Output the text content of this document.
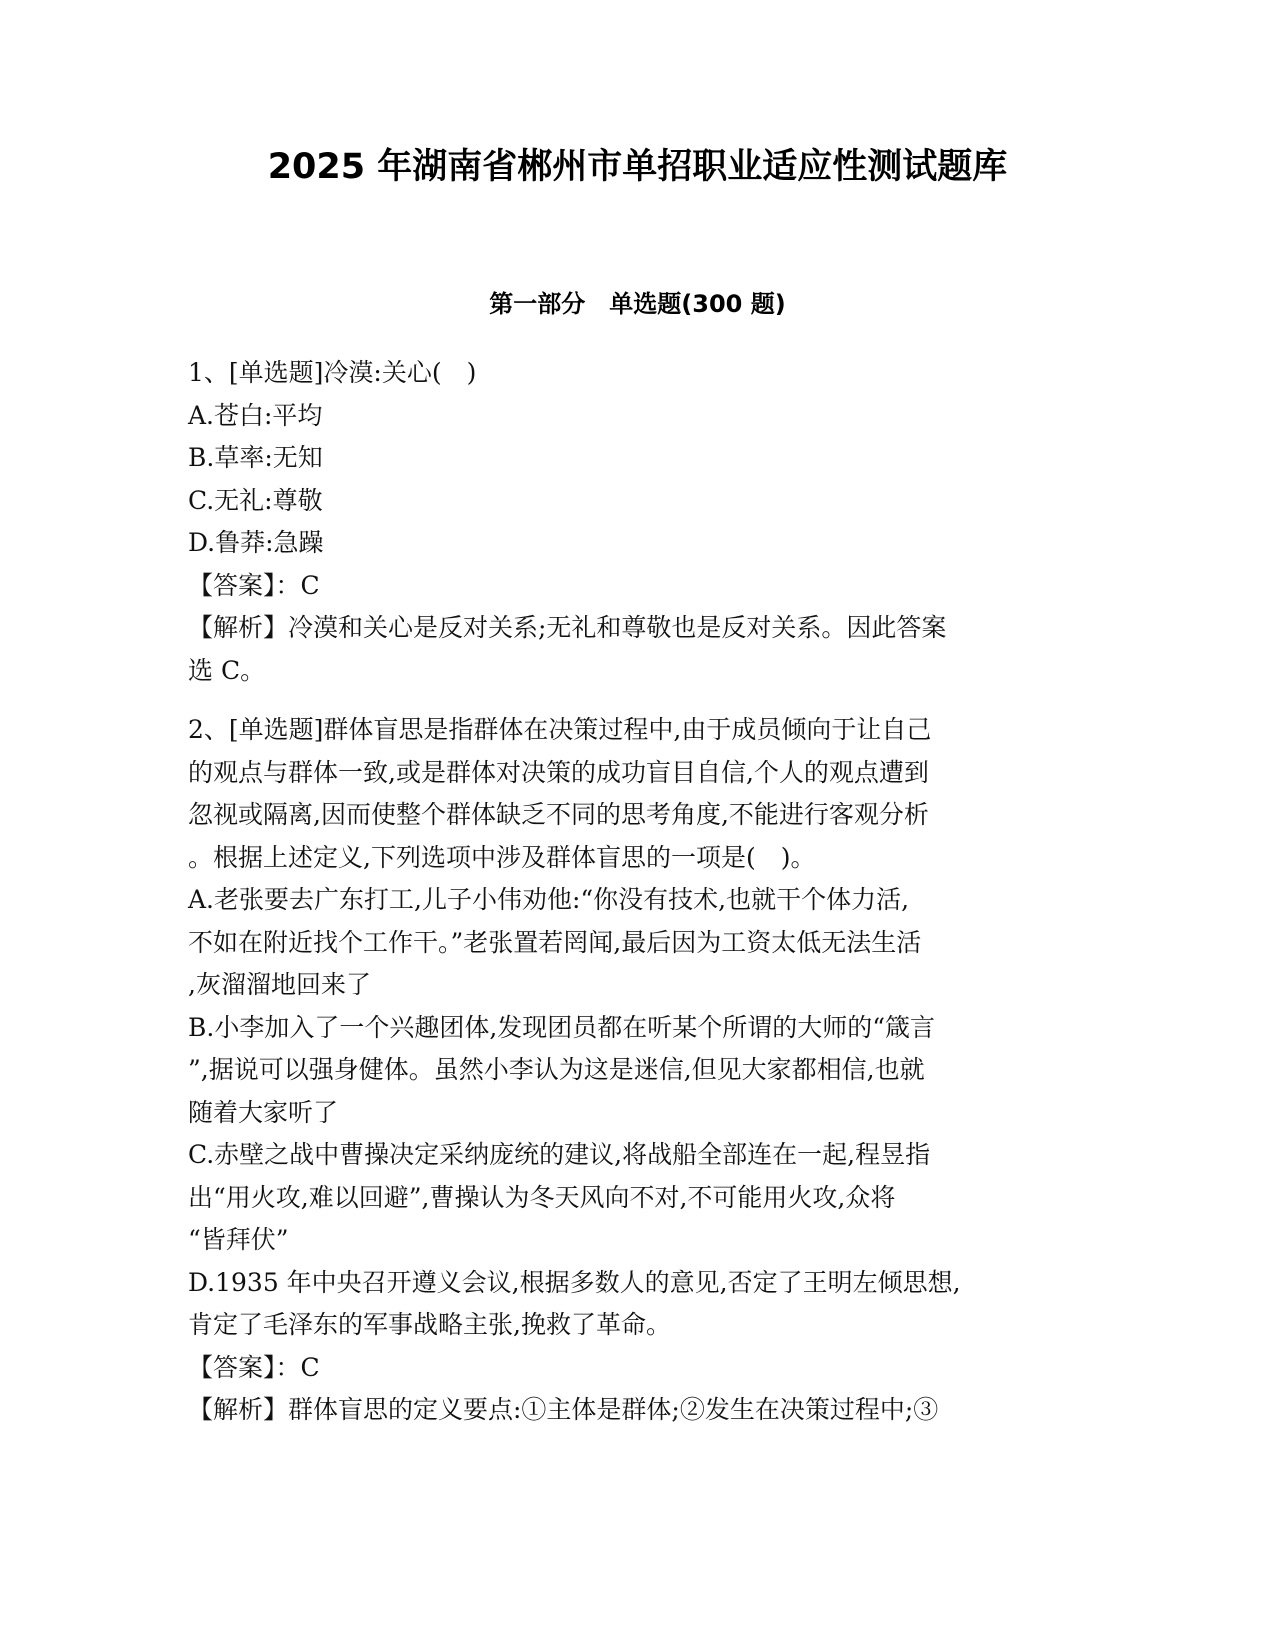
2025 年湖南省郴州市单招职业适应性测试题库
第一部分　单选题(300 题)
1、[单选题]冷漠:关心(　)
A.苍白:平均
B.草率:无知
C.无礼:尊敬
D.鲁莽:急躁
【答案】：C
【解析】冷漠和关心是反对关系;无礼和尊敬也是反对关系。因此答案
选 C。
2、[单选题]群体盲思是指群体在决策过程中,由于成员倾向于让自己
的观点与群体一致,或是群体对决策的成功盲目自信,个人的观点遭到
忽视或隔离,因而使整个群体缺乏不同的思考角度,不能进行客观分析
。根据上述定义,下列选项中涉及群体盲思的一项是(　)。
A.老张要去广东打工,儿子小伟劝他:“你没有技术,也就干个体力活,
不如在附近找个工作干。”老张置若罔闻,最后因为工资太低无法生活
,灰溜溜地回来了
B.小李加入了一个兴趣团体,发现团员都在听某个所谓的大师的“箴言
”,据说可以强身健体。虽然小李认为这是迷信,但见大家都相信,也就
随着大家听了
C.赤壁之战中曹操决定采纳庞统的建议,将战船全部连在一起,程昱指
出“用火攻,难以回避”,曹操认为冬天风向不对,不可能用火攻,众将
“皆拜伏”
D.1935 年中央召开遵义会议,根据多数人的意见,否定了王明左倾思想,
肯定了毛泽东的军事战略主张,挽救了革命。
【答案】：C
【解析】群体盲思的定义要点:①主体是群体;②发生在决策过程中;③
